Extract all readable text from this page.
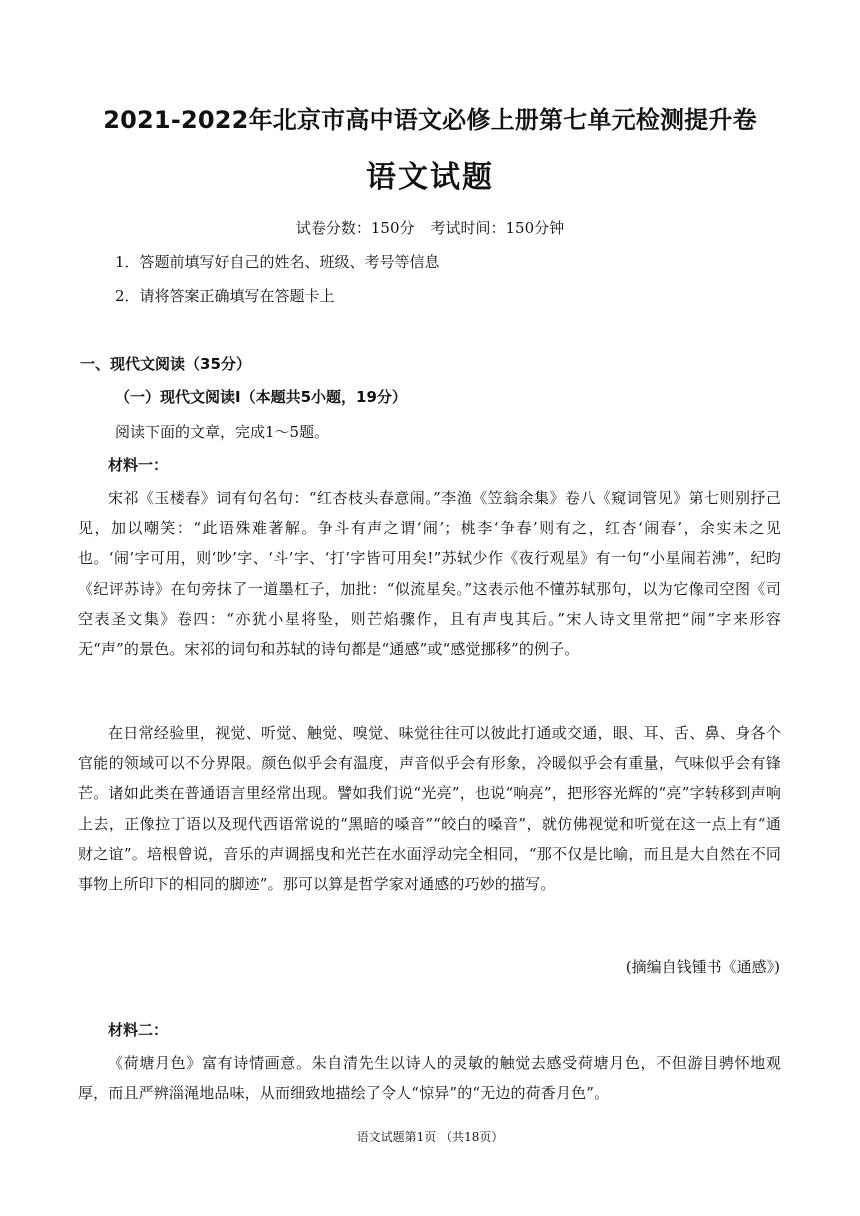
2021-2022年北京市高中语文必修上册第七单元检测提升卷
语文试题
试卷分数：150分 考试时间：150分钟
1．答题前填写好自己的姓名、班级、考号等信息
2．请将答案正确填写在答题卡上
一、现代文阅读（35分）
（一）现代文阅读Ⅰ（本题共5小题，19分）
阅读下面的文章，完成1～5题。
材料一：

宋祁《玉楼春》词有句名句：“红杏枝头春意闹。”李渔《笠翁余集》卷八《窥词管见》第七则别抒己见，加以嘲笑：“此语殊难著解。争斗有声之谓‘闹’；桃李‘争春’则有之，红杏‘闹春’，余实未之见也。‘闹’字可用，则‘吵’字、‘斗’字、‘打’字皆可用矣!”苏轼少作《夜行观星》有一句“小星闹若沸”，纪昀《纪评苏诗》在句旁抹了一道墨杠子，加批：“似流星矣。”这表示他不懂苏轼那句，以为它像司空图《司空表圣文集》卷四：“亦犹小星将坠，则芒焰骤作，且有声曳其后。”宋人诗文里常把“闹”字来形容无“声”的景色。宋祁的词句和苏轼的诗句都是“通感”或“感觉挪移”的例子。

在日常经验里，视觉、听觉、触觉、嗅觉、味觉往往可以彼此打通或交通，眼、耳、舌、鼻、身各个官能的领域可以不分界限。颜色似乎会有温度，声音似乎会有形象，冷暖似乎会有重量，气味似乎会有锋芒。诸如此类在普通语言里经常出现。譬如我们说“光亮”，也说“响亮”，把形容光辉的“亮”字转移到声响上去，正像拉丁语以及现代西语常说的“黑暗的嗓音”“皎白的嗓音”，就仿佛视觉和听觉在这一点上有“通财之谊”。培根曾说，音乐的声调摇曳和光芒在水面浮动完全相同，“那不仅是比喻，而且是大自然在不同事物上所印下的相同的脚迹”。那可以算是哲学家对通感的巧妙的描写。

(摘编自钱锺书《通感》)
材料二：

《荷塘月色》富有诗情画意。朱自清先生以诗人的灵敏的触觉去感受荷塘月色，不但游目骋怀地观厚，而且严辨淄渑地品味，从而细致地描绘了令人“惊异”的“无边的荷香月色”。

语文试题第1页 （共18页）
